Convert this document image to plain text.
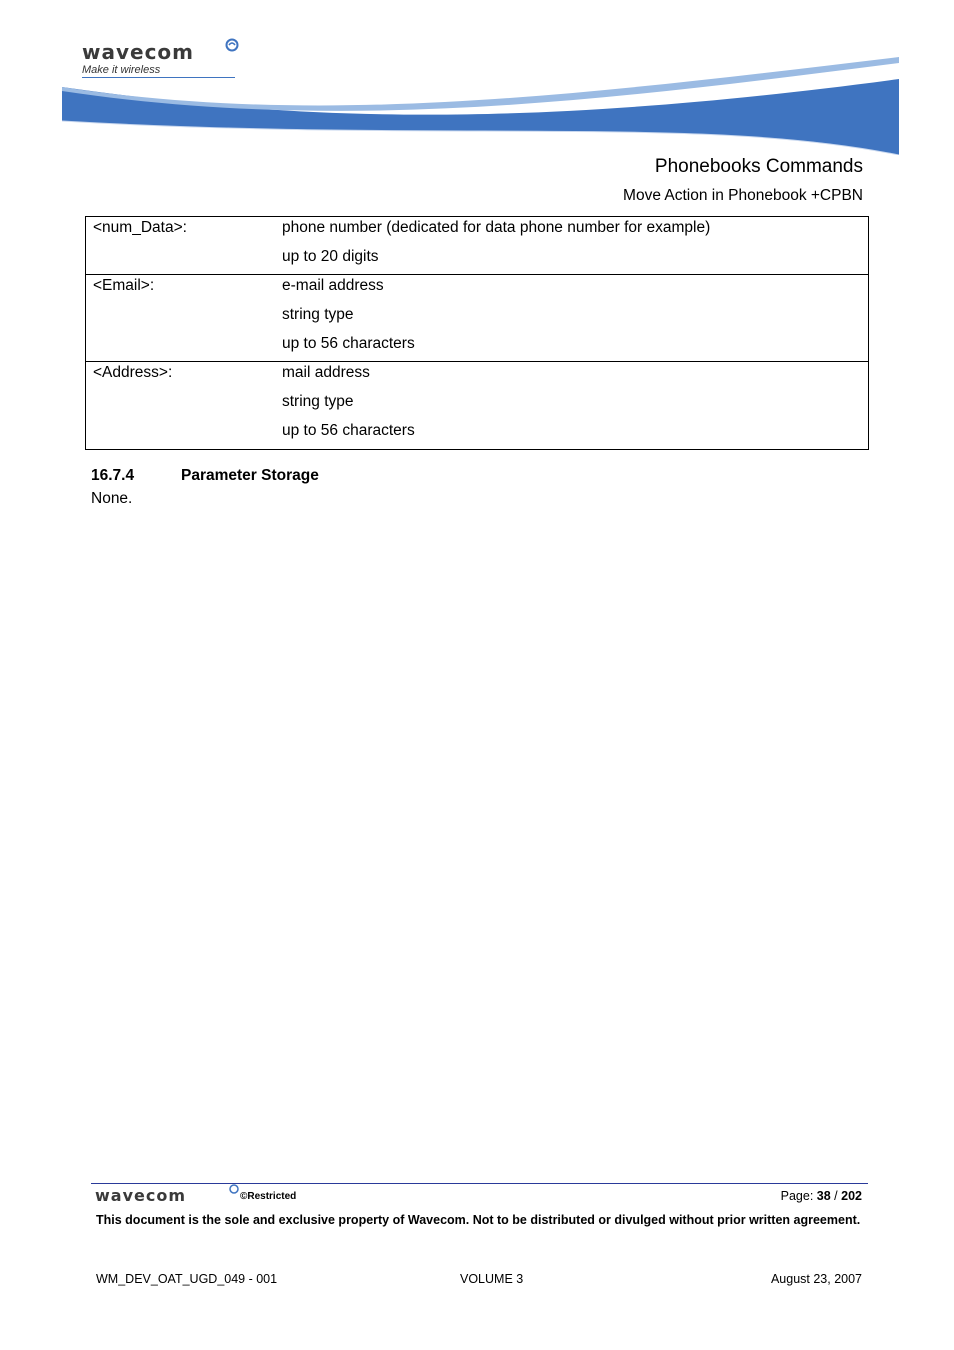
wavecom
Make it wireless
Phonebooks Commands
Move Action in Phonebook +CPBN
<num_Data>:	phone number (dedicated for data phone number for example)
up to 20 digits

<Email>:	e-mail address
string type
up to 56 characters

<Address>:	mail address
string type
up to 56 characters
16.7.4	Parameter Storage
None.
wavecom	©Restricted	Page: 38 / 202
This document is the sole and exclusive property of Wavecom. Not to be distributed or divulged without prior written agreement.
WM_DEV_OAT_UGD_049 - 001	VOLUME 3	August 23, 2007
